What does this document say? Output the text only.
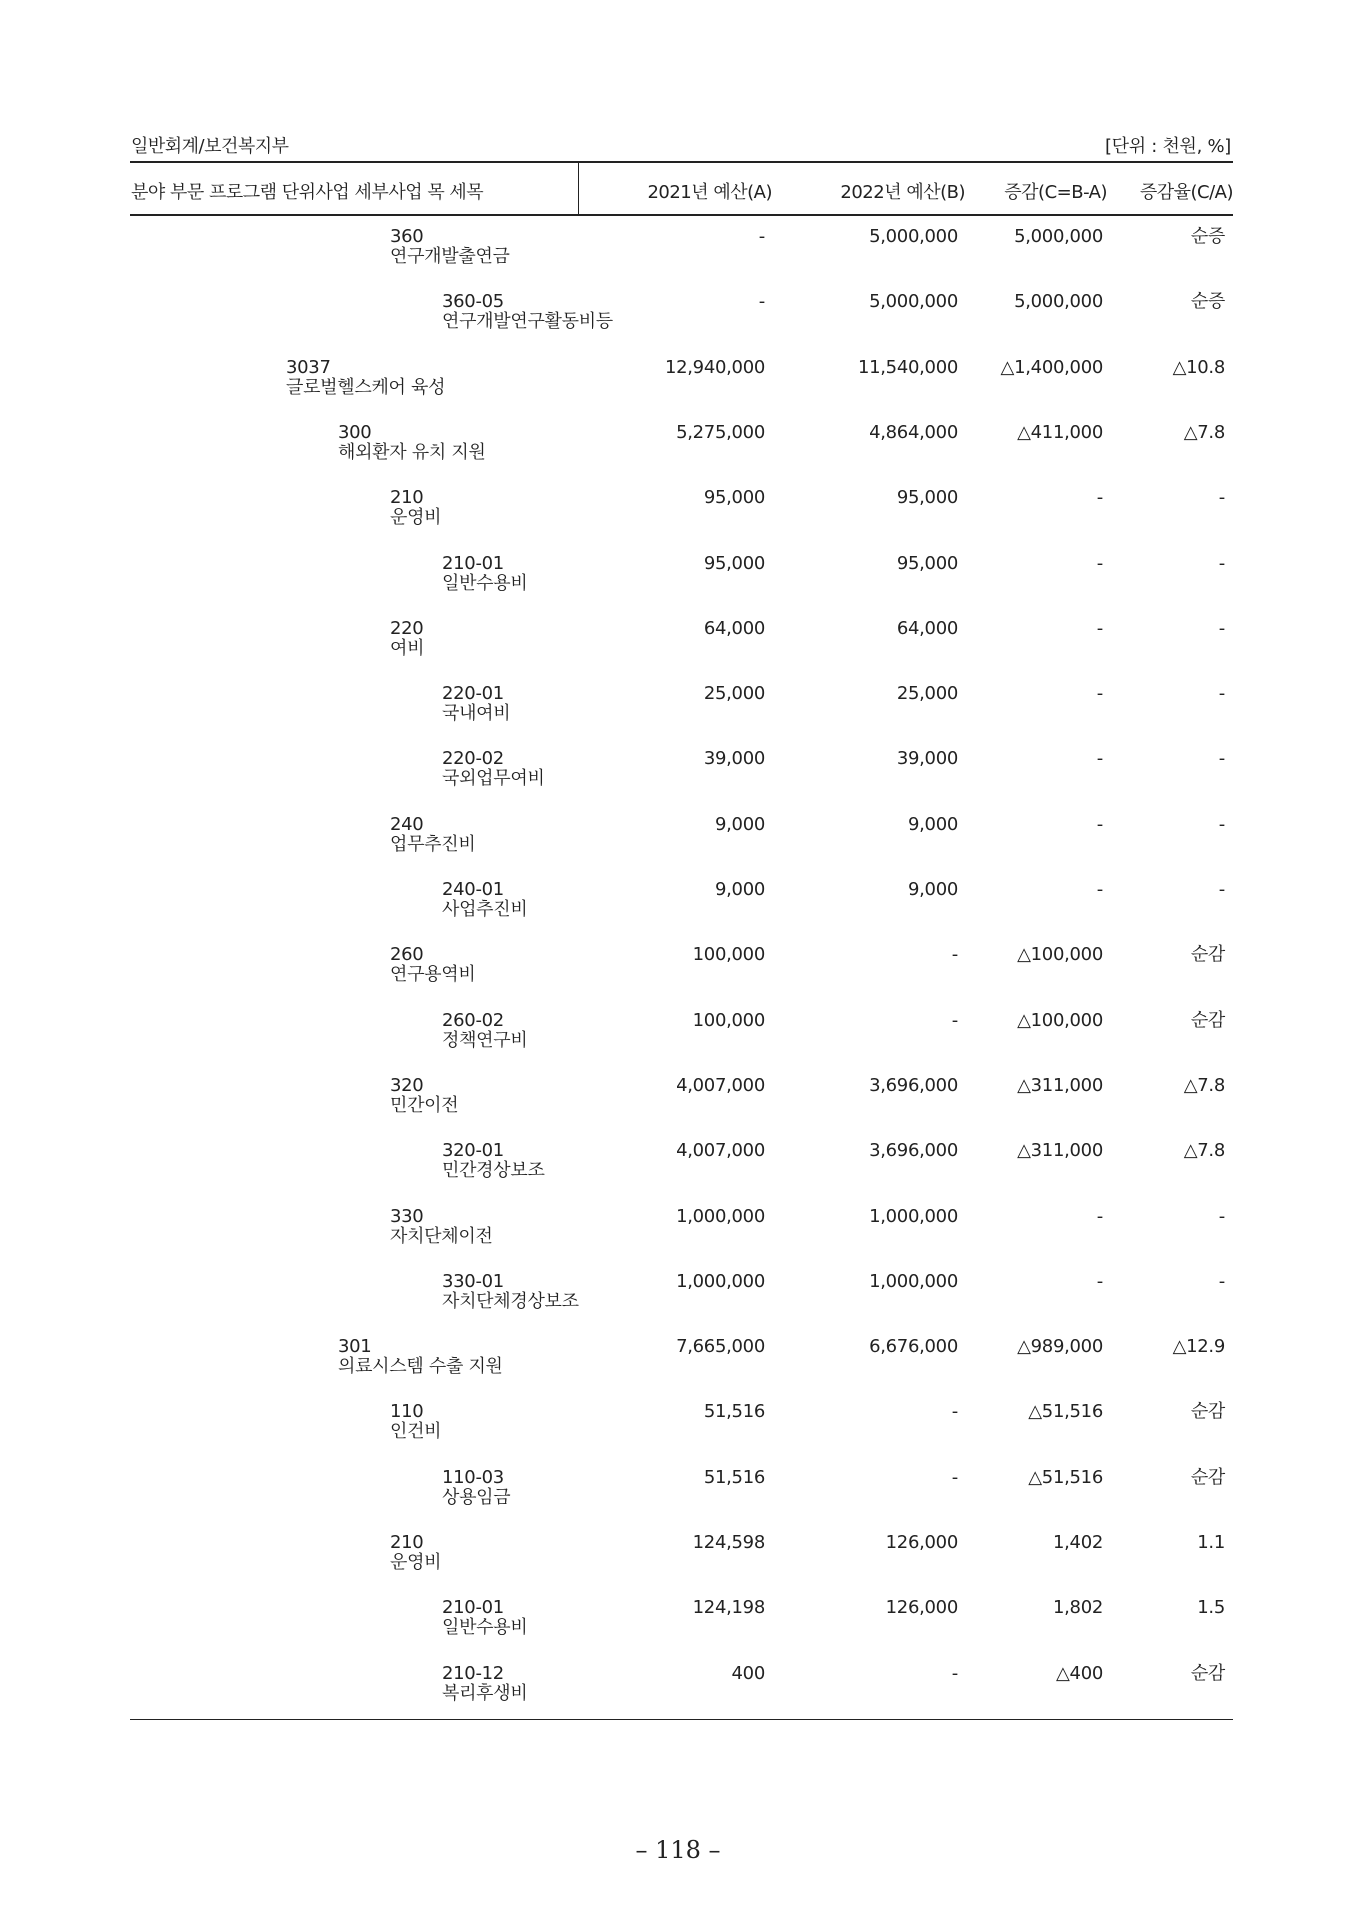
일반회계/보건복지부	[단위 : 천원, %]
분야 부문 프로그램 단위사업 세부사업 목 세목	2021년 예산(A)	2022년 예산(B) 증감(C=B-A) 증감율(C/A)
360
연구개발출연금
-	5,000,000	5,000,000	순증
360-05
연구개발연구활동비등
-	5,000,000	5,000,000	순증
3037
글로벌헬스케어 육성
12,940,000	11,540,000 △1,400,000	△10.8
300
해외환자 유치 지원
5,275,000	4,864,000	△411,000	△7.8
210
운영비
95,000	95,000	-	-
210-01
일반수용비
95,000	95,000	-	-
220
여비
64,000	64,000	-	-
220-01
국내여비
25,000	25,000	-	-
220-02
국외업무여비
39,000	39,000	-	-
240
업무추진비
9,000	9,000	-	-
240-01
사업추진비
9,000	9,000	-	-
260
연구용역비
100,000	-	△100,000	순감
260-02
정책연구비
100,000	-	△100,000	순감
320
민간이전
4,007,000	3,696,000	△311,000	△7.8
320-01
민간경상보조
4,007,000	3,696,000	△311,000	△7.8
330
자치단체이전
1,000,000	1,000,000	-	-
330-01
자치단체경상보조
1,000,000	1,000,000	-	-
301
의료시스템 수출 지원
7,665,000	6,676,000	△989,000	△12.9
110
인건비
51,516	-	△51,516	순감
110-03
상용임금
51,516	-	△51,516	순감
210
운영비
124,598	126,000	1,402	1.1
210-01
일반수용비
124,198	126,000	1,802	1.5
210-12
복리후생비
400	-	△400	순감
– 118 –
